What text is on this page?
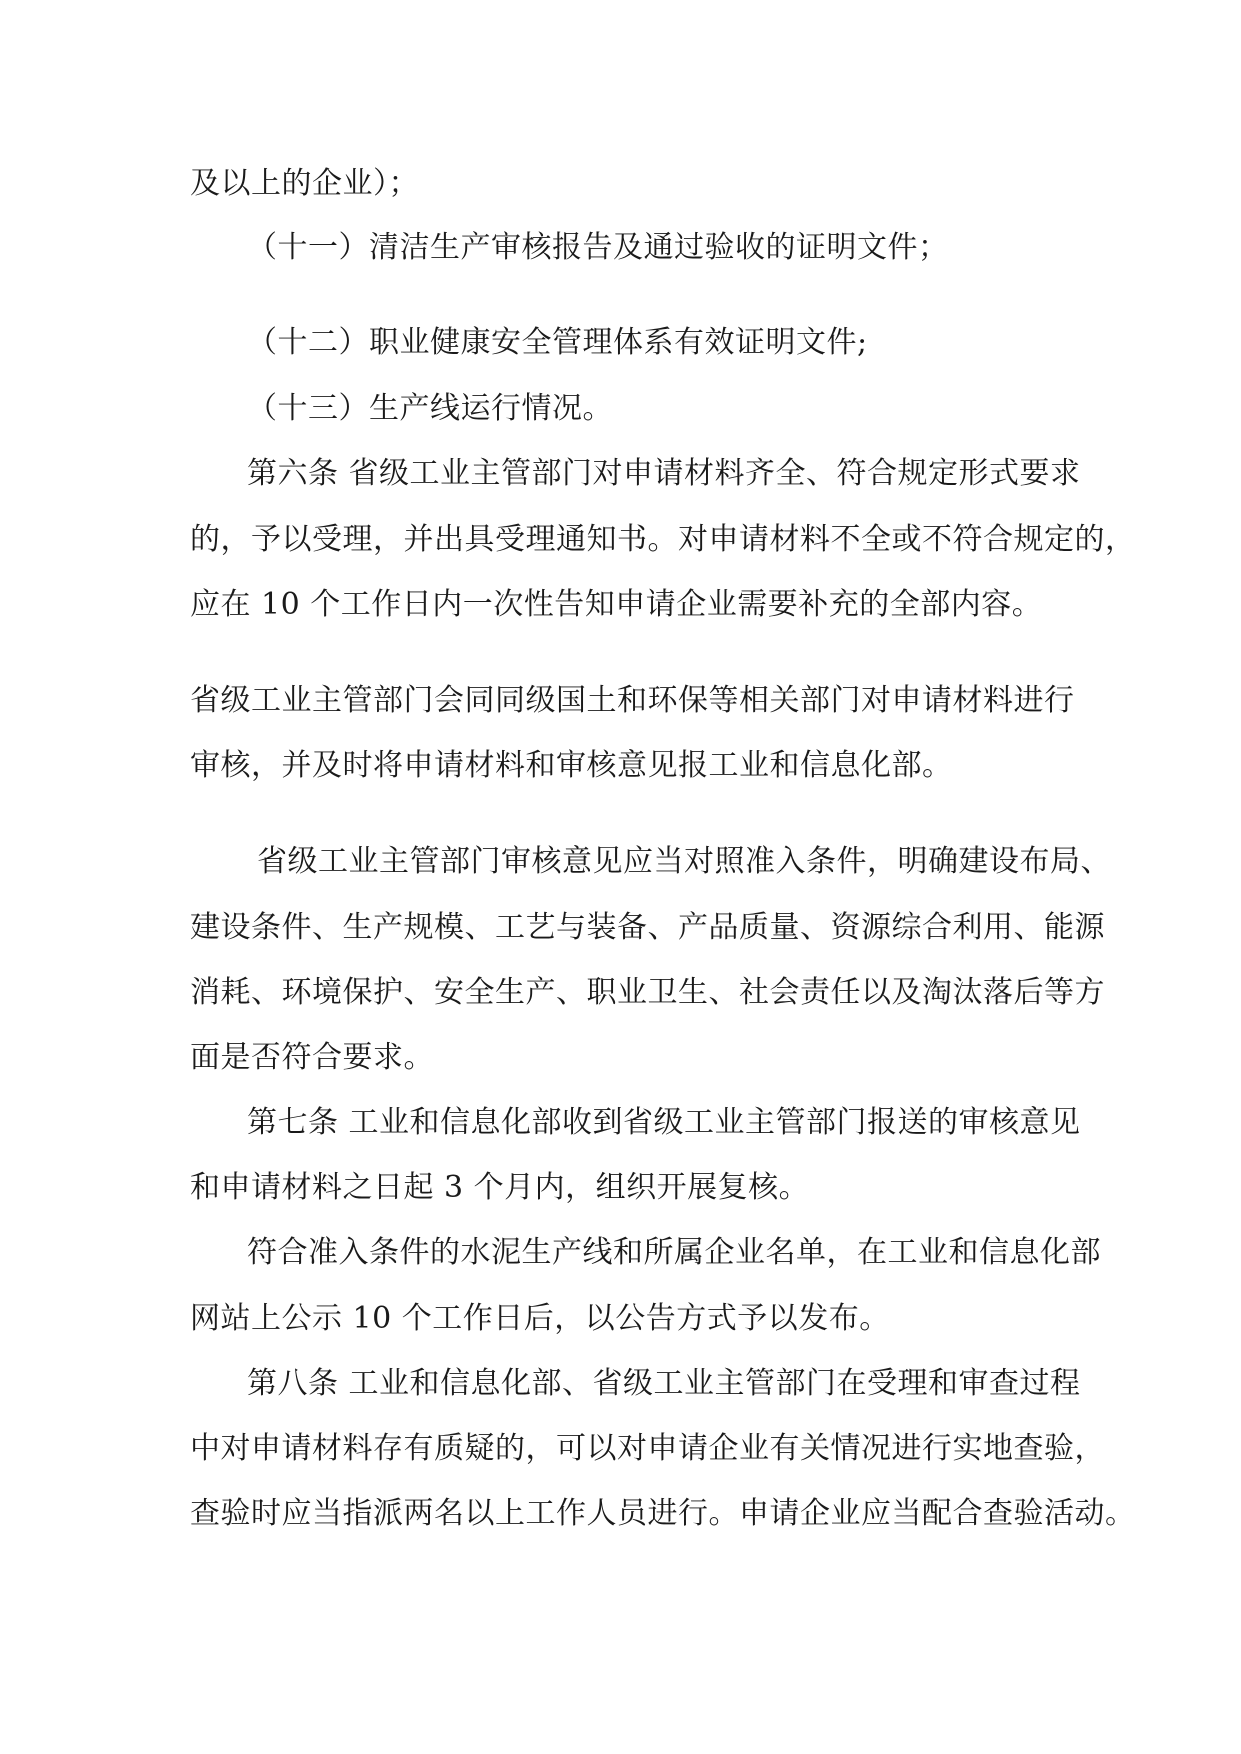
及以上的企业）；
（十一）清洁生产审核报告及通过验收的证明文件；
（十二）职业健康安全管理体系有效证明文件;
（十三）生产线运行情况。
第六条 省级工业主管部门对申请材料齐全、符合规定形式要求
的，予以受理，并出具受理通知书。对申请材料不全或不符合规定的，
应在 10 个工作日内一次性告知申请企业需要补充的全部内容。
省级工业主管部门会同同级国土和环保等相关部门对申请材料进行
审核，并及时将申请材料和审核意见报工业和信息化部。
省级工业主管部门审核意见应当对照准入条件，明确建设布局、
建设条件、生产规模、工艺与装备、产品质量、资源综合利用、能源
消耗、环境保护、安全生产、职业卫生、社会责任以及淘汰落后等方
面是否符合要求。
第七条 工业和信息化部收到省级工业主管部门报送的审核意见
和申请材料之日起 3 个月内，组织开展复核。
符合准入条件的水泥生产线和所属企业名单，在工业和信息化部
网站上公示 10 个工作日后，以公告方式予以发布。
第八条 工业和信息化部、省级工业主管部门在受理和审查过程
中对申请材料存有质疑的，可以对申请企业有关情况进行实地查验，
查验时应当指派两名以上工作人员进行。申请企业应当配合查验活动。
